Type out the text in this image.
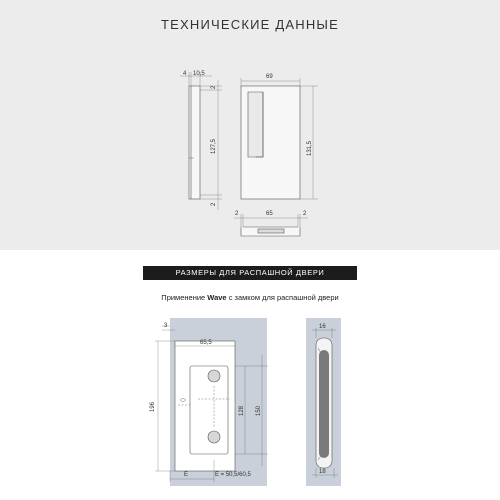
ТЕХНИЧЕСКИЕ ДАННЫЕ
4 10,5
2
127,5
2
69
131,5
2	65	2
3
65,5
196	128 150
E	E = 50,5/60,5
16
18
РАЗМЕРЫ ДЛЯ РАСПАШНОЙ ДВЕРИ
Применение Wave с замком для распашной двери
